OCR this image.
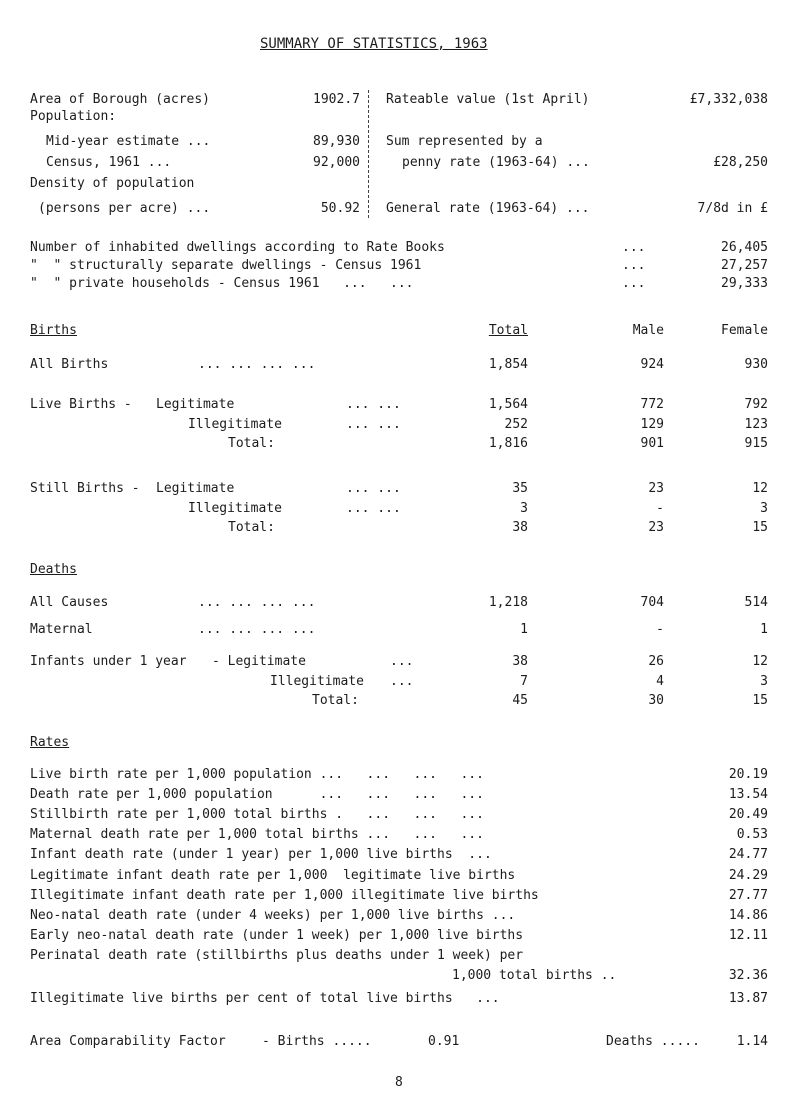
SUMMARY OF STATISTICS, 1963
Area of Borough (acres)	1902.7
Population:
Mid-year estimate ...	89,930
Census, 1961 ...	92,000
Density of population
(persons per acre) ...	50.92
Rateable value (1st April)	£7,332,038
Sum represented by a
penny rate (1963-64) ...	£28,250
General rate (1963-64) ...	7/8d in £
Number of inhabited dwellings according to Rate Books	...	26,405
"  " structurally separate dwellings - Census 1961	...	27,257
"  " private households - Census 1961   ...   ...	...	29,333
Births	Total	Male	Female
All Births	... ... ... ...	1,854	924	930
Live Births - Legitimate	... ...	1,564	772	792
Illegitimate	... ...	252	129	123
Total:	1,816	901	915
Still Births - Legitimate	... ...	35	23	12
Illegitimate	... ...	3	-	3
Total:	38	23	15
Deaths
All Causes	... ... ... ...	1,218	704	514
Maternal	... ... ... ...	1	-	1
Infants under 1 year - Legitimate	...	38	26	12
Illegitimate ...	7	4	3
Total:	45	30	15
Rates
Live birth rate per 1,000 population ...   ...   ...   ...	20.19
Death rate per 1,000 population      ...   ...   ...   ...	13.54
Stillbirth rate per 1,000 total births .   ...   ...   ...	20.49
Maternal death rate per 1,000 total births ...   ...   ...	0.53
Infant death rate (under 1 year) per 1,000 live births  ...	24.77
Legitimate infant death rate per 1,000  legitimate live births	24.29
Illegitimate infant death rate per 1,000 illegitimate live births	27.77
Neo-natal death rate (under 4 weeks) per 1,000 live births ...	14.86
Early neo-natal death rate (under 1 week) per 1,000 live births	12.11
Perinatal death rate (stillbirths plus deaths under 1 week) per
1,000 total births ..	32.36
Illegitimate live births per cent of total live births   ...	13.87
Area Comparability Factor	- Births .....	0.91	Deaths .....	1.14
8
